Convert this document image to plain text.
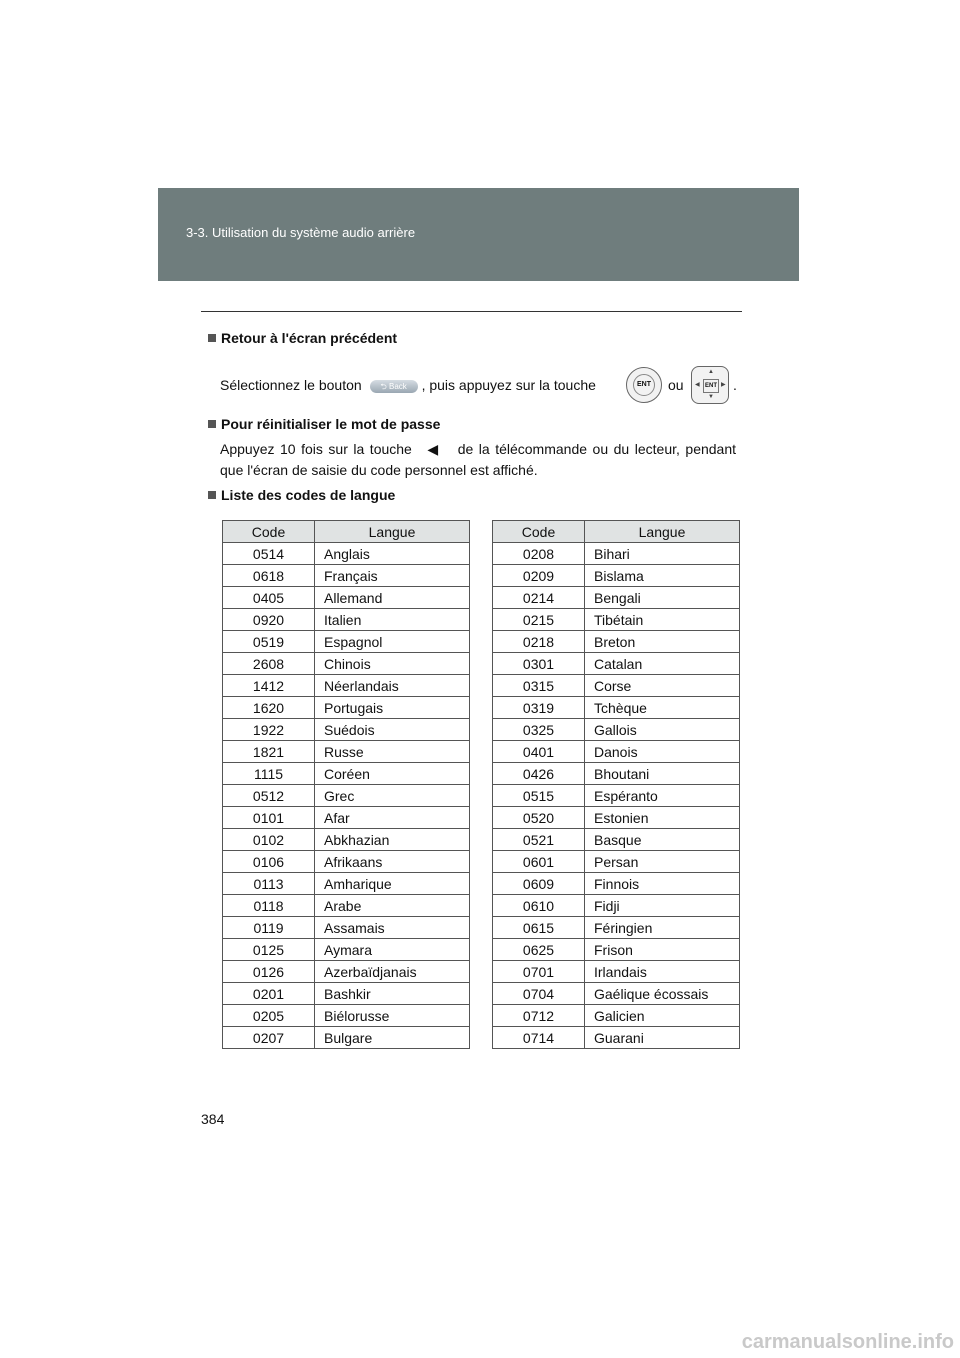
3-3. Utilisation du système audio arrière
Retour à l'écran précédent
Sélectionnez le bouton ⮌ Back , puis appuyez sur la touche	ENT	ou	ENT
▲
▼
◀	▶ .
Pour réinitialiser le mot de passe
Appuyez 10 fois sur la touche ◀ de la télécommande ou du lecteur, pendant que l'écran de saisie du code personnel est affiché.
Liste des codes de langue
Code	Langue
0514	Anglais
0618	Français
0405	Allemand
0920	Italien
0519	Espagnol
2608	Chinois
1412	Néerlandais
1620	Portugais
1922	Suédois
1821	Russe
1115	Coréen
0512	Grec
0101	Afar
0102	Abkhazian
0106	Afrikaans
0113	Amharique
0118	Arabe
0119	Assamais
0125	Aymara
0126	Azerbaïdjanais
0201	Bashkir
0205	Biélorusse
0207	Bulgare
Code	Langue
0208	Bihari
0209	Bislama
0214	Bengali
0215	Tibétain
0218	Breton
0301	Catalan
0315	Corse
0319	Tchèque
0325	Gallois
0401	Danois
0426	Bhoutani
0515	Espéranto
0520	Estonien
0521	Basque
0601	Persan
0609	Finnois
0610	Fidji
0615	Féringien
0625	Frison
0701	Irlandais
0704	Gaélique écossais
0712	Galicien
0714	Guarani
384
carmanualsonline.info
